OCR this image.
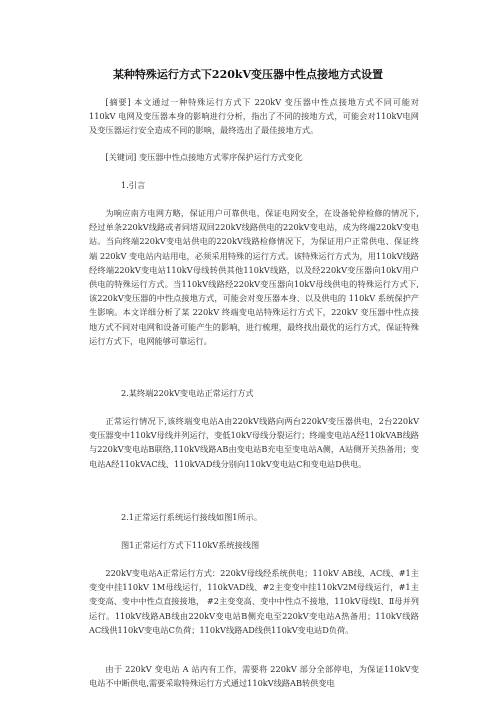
某种特殊运行方式下220kV变压器中性点接地方式设置
[摘要] 本文通过一种特殊运行方式下 220kV 变压器中性点接地方式不同可能对 110kV 电网及变压器本身的影响进行分析，指出了不同的接地方式，可能会对110kV电网及变压器运行安全造成不同的影响，最终选出了最佳接地方式。
[关键词] 变压器中性点接地方式零序保护运行方式变化
1.引言
为响应南方电网方略，保证用户可靠供电，保证电网安全，在设备轮停检修的情况下,经过单条220kV线路或者同塔双回220kV线路供电的220kV变电站，成为终端220kV变电站。当向终端220kV变电站供电的220kV线路检修情况下，为保证用户正常供电、保证终端 220kV 变电站内站用电，必须采用特殊的运行方式。该特殊运行方式为，用110kV线路经终端220kV变电站110kV母线转供其他110kV线路，以及经220kV变压器向10kV用户供电的特殊运行方式。当110kV线路经220kV变压器向10kV母线供电的特殊运行方式下,该220kV变压器的中性点接地方式，可能会对变压器本身、以及供电的 110kV 系统保护产生影响。本文详细分析了某 220kV 终端变电站特殊运行方式下，220kV 变压器中性点接地方式不同对电网和设备可能产生的影响，进行梳理，最终找出最优的运行方式，保证特殊运行方式下，电网能够可靠运行。
2.某终端220kV变电站正常运行方式
正常运行情况下,该终端变电站A由220kV线路向两台220kV变压器供电，2台220kV变压器变中110kV母线并列运行，变低10kV母线分裂运行；终端变电站A经110kVAB线路与220kV变电站B联络,110kV线路AB由变电站B充电至变电站A侧，A站侧开关热备用；变电站A经110kVAC线、110kVAD线分别向110kV变电站C和变电站D供电。
2.1正常运行系统运行接线如图1所示。
图1正常运行方式下110kV系统接线图
220kV变电站A正常运行方式：220kV母线经系统供电；110kV AB线、AC线、#1主变变中挂110kV 1M母线运行，110kVAD线、#2主变变中挂110kV2M母线运行，#1主变变高、变中中性点直接接地， #2主变变高、变中中性点不接地，110kV母线Ⅰ、Ⅱ母并列运行。110kV线路AB线由220kV变电站B侧充电至220kV变电站A热备用；110kV线路AC线供110kV变电站C负荷；110kV线路AD线供110kV变电站D负荷。
由于 220kV 变电站 A 站内有工作，需要将 220kV 部分全部停电，为保证110kV变电站不中断供电,需要采取特殊运行方式通过110kV线路AB转供变电
